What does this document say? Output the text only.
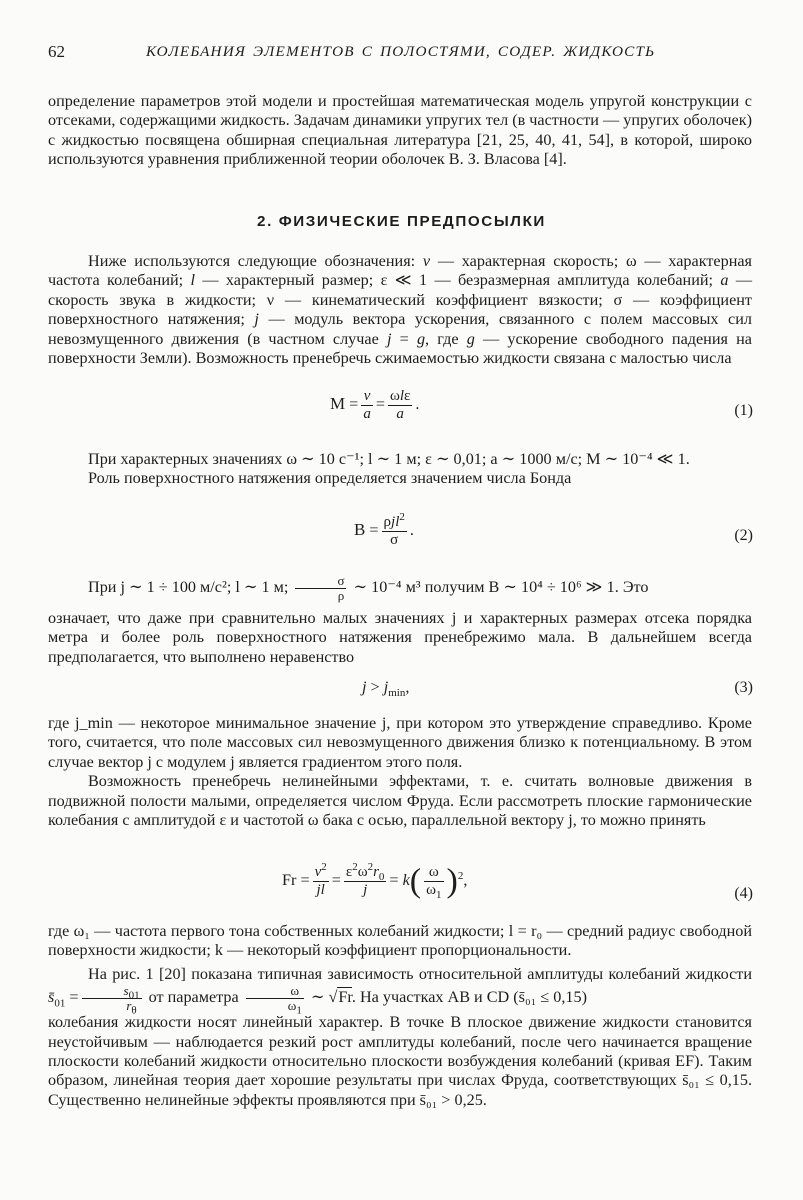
62	КОЛЕБАНИЯ ЭЛЕМЕНТОВ С ПОЛОСТЯМИ, СОДЕР. ЖИДКОСТЬ

определение параметров этой модели и простейшая математическая модель упругой конструкции с отсеками, содержащими жидкость. Задачам динамики упругих тел (в частности — упругих оболочек) с жидкостью посвящена обширная специальная литература [21, 25, 40, 41, 54], в которой, широко используются уравнения приближенной теории оболочек В. З. Власова [4].

2. ФИЗИЧЕСКИЕ ПРЕДПОСЫЛКИ

Ниже используются следующие обозначения: v — характерная скорость; ω — характерная частота колебаний; l — характерный размер; ε ≪ 1 — безразмерная амплитуда колебаний; a — скорость звука в жидкости; ν — кинематический коэффициент вязкости; σ — коэффициент поверхностного натяжения; j — модуль вектора ускорения, связанного с полем массовых сил невозмущенного движения (в частном случае j = g, где g — ускорение свободного падения на поверхности Земли). Возможность пренебречь сжимаемостью жидкости связана с малостью числа

$M = \frac{v}{a} = \frac{\text{ωlε}}{a}$ .	(1)

При характерных значениях ω ∼ 10 с⁻¹; l ∼ 1 м; ε ∼ 0,01; a ∼ 1000 м/с; M ∼ 10⁻⁴ ≪ 1.

Роль поверхностного натяжения определяется значением числа Бонда

$B = \frac{\rho jl^2}{\sigma}$ .	(2)

При j ∼ 1 ÷ 100 м/с²; l ∼ 1 м; $\frac{\sigma}{\rho}$ ∼ 10⁻⁴ м³ получим B ∼ 10⁴ ÷ 10⁶ ≫ 1. Это

означает, что даже при сравнительно малых значениях j и характерных размерах отсека порядка метра и более роль поверхностного натяжения пренебрежимо мала. В дальнейшем всегда предполагается, что выполнено неравенство

$j > j_{min}$,	(3)

где j_min — некоторое минимальное значение j, при котором это утверждение справедливо. Кроме того, считается, что поле массовых сил невозмущенного движения близко к потенциальному. В этом случае вектор j с модулем j является градиентом этого поля.

Возможность пренебречь нелинейными эффектами, т. е. считать волновые движения в подвижной полости малыми, определяется числом Фруда. Если рассмотреть плоские гармонические колебания с амплитудой ε и частотой ω бака с осью, параллельной вектору j, то можно принять

$Fr = \frac{v^2}{jl} = \frac{\varepsilon^2\omega^2r_0}{j} = k( \frac{\omega}{\omega_1} )^2$,
(4)

где ω₁ — частота первого тона собственных колебаний жидкости; l = r₀ — средний радиус свободной поверхности жидкости; k — некоторый коэффициент пропорциональности.

На рис. 1 [20] показана типичная зависимость относительной амплитуды колебаний жидкости $s̄_{01} = \frac{s_{01}}{r_\theta}$ от параметра $\frac{\omega}{\omega_1}$ ∼ √Fr. На участках AB и CD (s̄₀₁ ≤ 0,15)

колебания жидкости носят линейный характер. В точке B плоское движение жидкости становится неустойчивым — наблюдается резкий рост амплитуды колебаний, после чего начинается вращение плоскости колебаний жидкости относительно плоскости возбуждения колебаний (кривая EF). Таким образом, линейная теория дает хорошие результаты при числах Фруда, соответствующих s̄₀₁ ≤ 0,15. Существенно нелинейные эффекты проявляются при s̄₀₁ > 0,25.
